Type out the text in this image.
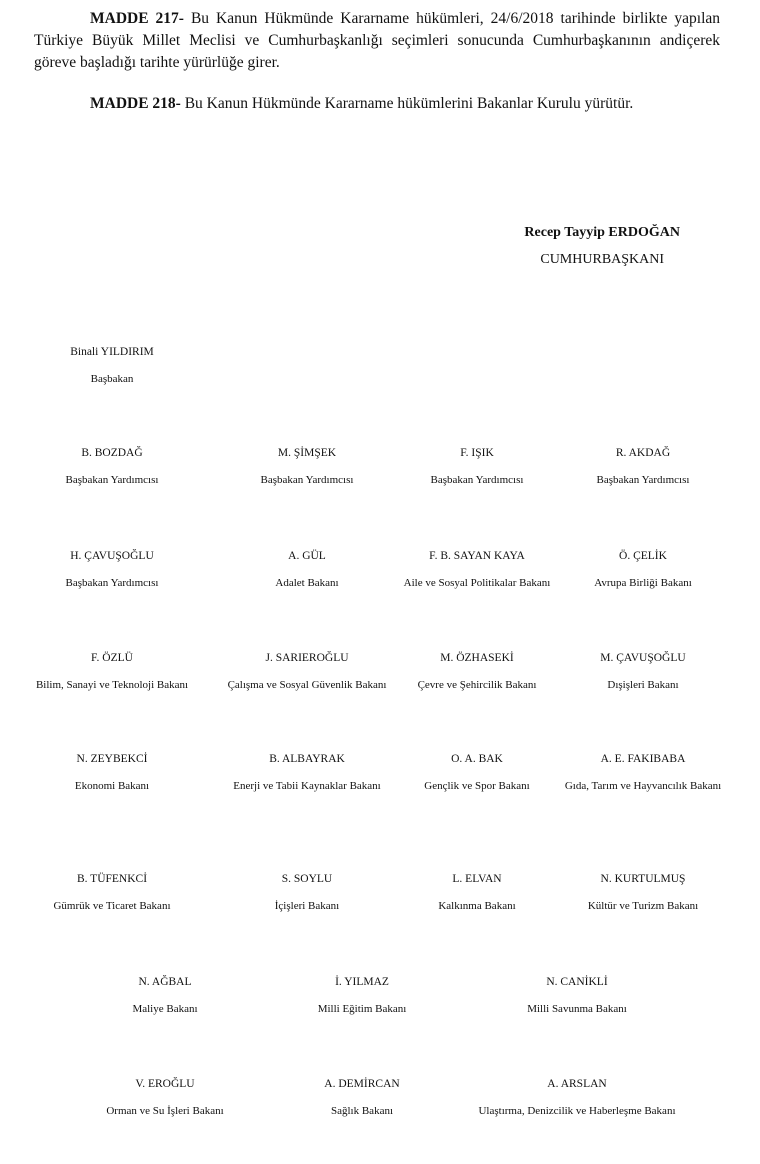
MADDE 217- Bu Kanun Hükmünde Kararname hükümleri, 24/6/2018 tarihinde birlikte yapılan Türkiye Büyük Millet Meclisi ve Cumhurbaşkanlığı seçimleri sonucunda Cumhurbaşkanının andiçerek göreve başladığı tarihte yürürlüğe girer.

MADDE 218- Bu Kanun Hükmünde Kararname hükümlerini Bakanlar Kurulu yürütür.

Recep Tayyip ERDOĞAN
CUMHURBAŞKANI
Binali YILDIRIM
Başbakan
B. BOZDAĞ
Başbakan Yardımcısı
M. ŞİMŞEK
Başbakan Yardımcısı
F. IŞIK
Başbakan Yardımcısı
R. AKDAĞ
Başbakan Yardımcısı
H. ÇAVUŞOĞLU
Başbakan Yardımcısı
A. GÜL
Adalet Bakanı
F. B. SAYAN KAYA
Aile ve Sosyal Politikalar Bakanı
Ö. ÇELİK
Avrupa Birliği Bakanı
F. ÖZLÜ
Bilim, Sanayi ve Teknoloji Bakanı
J. SARIEROĞLU
Çalışma ve Sosyal Güvenlik Bakanı
M. ÖZHASEKİ
Çevre ve Şehircilik Bakanı
M. ÇAVUŞOĞLU
Dışişleri Bakanı
N. ZEYBEKCİ
Ekonomi Bakanı
B. ALBAYRAK
Enerji ve Tabii Kaynaklar Bakanı
O. A. BAK
Gençlik ve Spor Bakanı
A. E. FAKIBABA
Gıda, Tarım ve Hayvancılık Bakanı
B. TÜFENKCİ
Gümrük ve Ticaret Bakanı
S. SOYLU
İçişleri Bakanı
L. ELVAN
Kalkınma Bakanı
N. KURTULMUŞ
Kültür ve Turizm Bakanı
N. AĞBAL
Maliye Bakanı
İ. YILMAZ
Milli Eğitim Bakanı
N. CANİKLİ
Milli Savunma Bakanı
V. EROĞLU
Orman ve Su İşleri Bakanı
A. DEMİRCAN
Sağlık Bakanı
A. ARSLAN
Ulaştırma, Denizcilik ve Haberleşme Bakanı
